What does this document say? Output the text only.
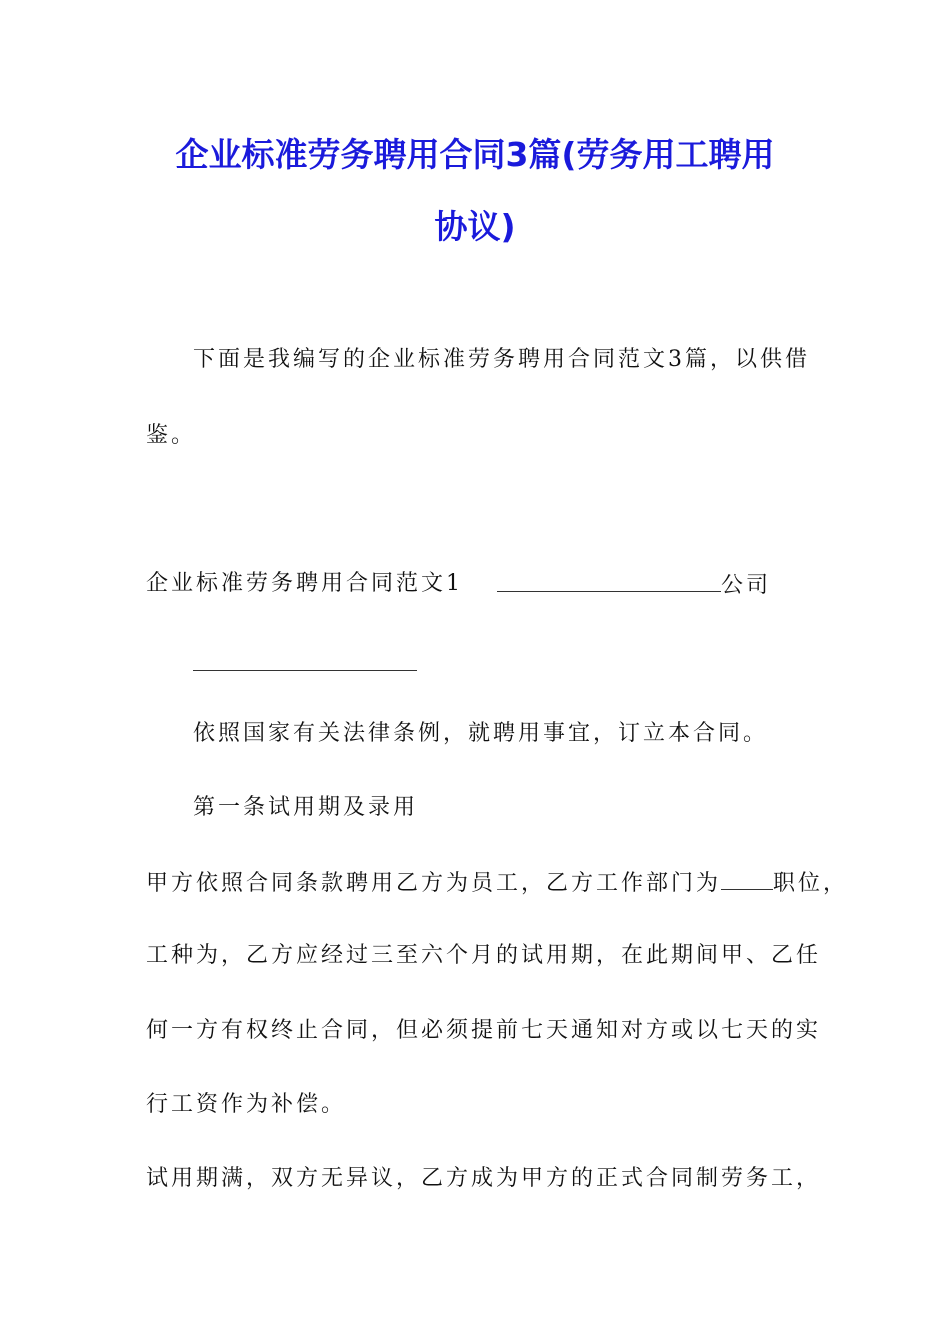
企业标准劳务聘用合同3篇(劳务用工聘用
协议)
下面是我编写的企业标准劳务聘用合同范文3篇，以供借
鉴。
企业标准劳务聘用合同范文1	公司
依照国家有关法律条例，就聘用事宜，订立本合同。
第一条试用期及录用
甲方依照合同条款聘用乙方为员工，乙方工作部门为 职位，
工种为，乙方应经过三至六个月的试用期，在此期间甲、乙任
何一方有权终止合同，但必须提前七天通知对方或以七天的实
行工资作为补偿。
试用期满，双方无异议，乙方成为甲方的正式合同制劳务工，
